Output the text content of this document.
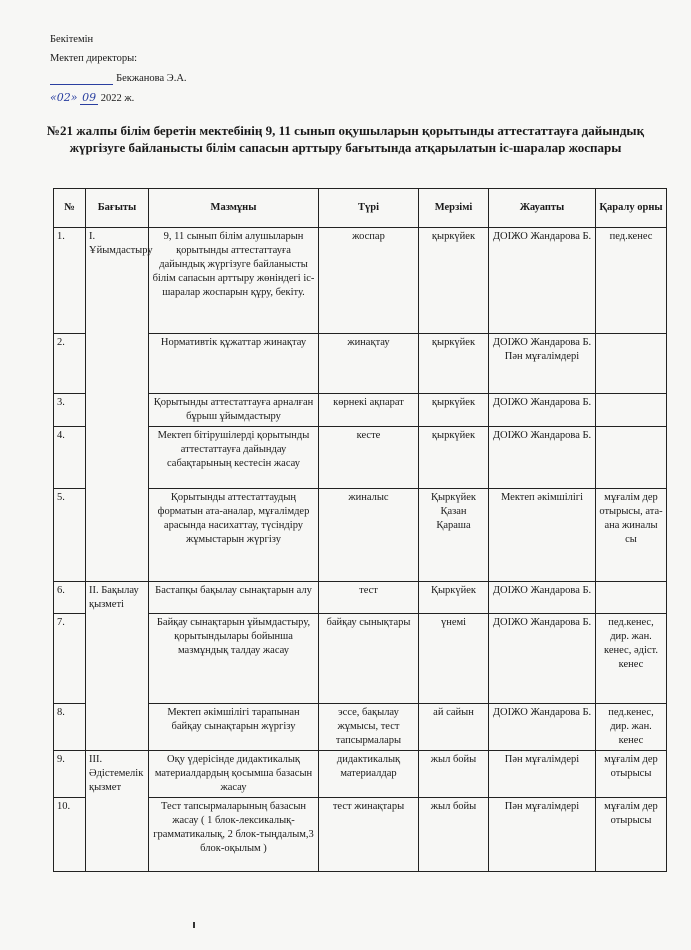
Бекітемін
Мектеп директоры:
Бекжанова Э.А.
«02» 09 2022 ж.
№21 жалпы білім беретін мектебінің 9, 11 сынып оқушыларын қорытынды аттестаттауға дайындық жүргізуге байланысты білім сапасын арттыру бағытында атқарылатын іс-шаралар жоспары
№	Бағыты	Мазмұны	Түрі	Мерзімі	Жауапты	Қаралу орны
1.	I. Ұйымдастыру	9, 11 сынып білім алушыларын қорытынды аттестаттауға дайындық жүргізуге байланысты білім сапасын арттыру жөніндегі іс-шаралар жоспарын құру, бекіту.	жоспар	қыркүйек	ДОІЖО Жандарова Б.	пед.кенес
2.		Нормативтік құжаттар жинақтау	жинақтау	қыркүйек	ДОІЖО Жандарова Б. Пән мұғалімдері	
3.		Қорытынды аттестаттауға арналған бұрыш ұйымдастыру	көрнекі ақпарат	қыркүйек	ДОІЖО Жандарова Б.	
4.		Мектеп бітірушілерді қорытынды аттестаттауға дайындау сабақтарының кестесін жасау	кесте	қыркүйек	ДОІЖО Жандарова Б.	
5.		Қорытынды аттестаттаудың форматын ата-аналар, мұғалімдер арасында насихаттау, түсіндіру жұмыстарын жүргізу	жиналыс	Қыркүйек Қазан Қараша	Мектеп әкімшілігі	мұғалім дер отырысы, ата-ана жиналы сы
6.	II. Бақылау қызметі	Бастапқы бақылау сынақтарын алу	тест	Қыркүйек	ДОІЖО Жандарова Б.	
7.		Байқау сынақтарын ұйымдастыру, қорытындылары бойынша мазмұндық талдау жасау	байқау сынықтары	үнемі	ДОІЖО Жандарова Б.	пед.кенес, дир. жан. кенес, әдіст. кенес
8.		Мектеп әкімшілігі тарапынан байқау сынақтарын жүргізу	эссе, бақылау жұмысы, тест тапсырмалары	ай сайын	ДОІЖО Жандарова Б.	пед.кенес, дир. жан. кенес
9.	III. Әдістемелік қызмет	Оқу үдерісінде дидактикалық материалдардың қосымша базасын жасау	дидактикалық материалдар	жыл бойы	Пән мұғалімдері	мұғалім дер отырысы
10.		Тест тапсырмаларының базасын жасау ( 1 блок-лексикалық-грамматикалық, 2 блок-тыңдалым,3 блок-оқылым )	тест жинақтары	жыл бойы	Пән мұғалімдері	мұғалім дер отырысы
